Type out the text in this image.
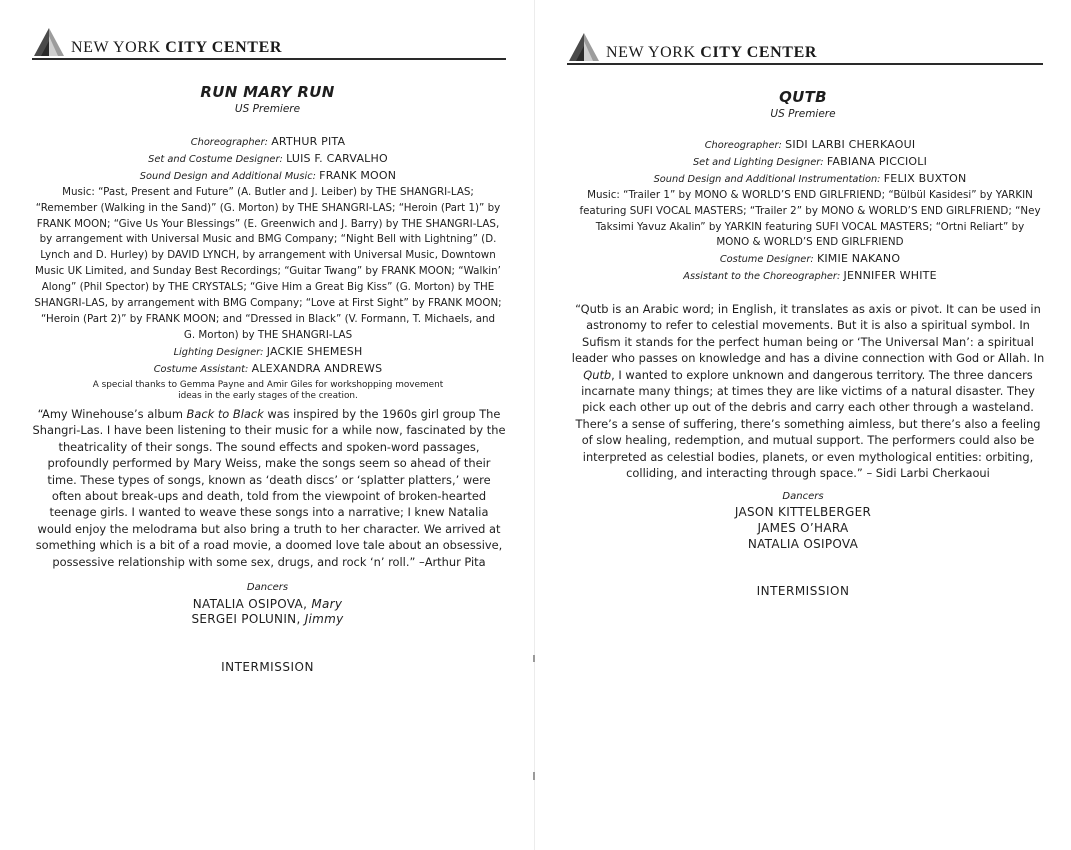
NEW YORK CITY CENTER
RUN MARY RUN
US Premiere

Choreographer: ARTHUR PITA

Set and Costume Designer: LUIS F. CARVALHO

Sound Design and Additional Music: FRANK MOON

Music: “Past, Present and Future” (A. Butler and J. Leiber) by THE SHANGRI-LAS; “Remember (Walking in the Sand)” (G. Morton) by THE SHANGRI-LAS; “Heroin (Part 1)” by FRANK MOON; “Give Us Your Blessings” (E. Greenwich and J. Barry) by THE SHANGRI-LAS, by arrangement with Universal Music and BMG Company; “Night Bell with Lightning” (D. Lynch and D. Hurley) by DAVID LYNCH, by arrangement with Universal Music, Downtown Music UK Limited, and Sunday Best Recordings; “Guitar Twang” by FRANK MOON; “Walkin’ Along” (Phil Spector) by THE CRYSTALS; “Give Him a Great Big Kiss” (G. Morton) by THE SHANGRI-LAS, by arrangement with BMG Company; “Love at First Sight” by FRANK MOON; “Heroin (Part 2)” by FRANK MOON; and “Dressed in Black” (V. Formann, T. Michaels, and G. Morton) by THE SHANGRI-LAS

Lighting Designer: JACKIE SHEMESH

Costume Assistant: ALEXANDRA ANDREWS

A special thanks to Gemma Payne and Amir Giles for workshopping movement ideas in the early stages of the creation.

“Amy Winehouse’s album Back to Black was inspired by the 1960s girl group The Shangri-Las. I have been listening to their music for a while now, fascinated by the theatricality of their songs. The sound effects and spoken-word passages, profoundly performed by Mary Weiss, make the songs seem so ahead of their time. These types of songs, known as ‘death discs’ or ‘splatter platters,’ were often about break-ups and death, told from the viewpoint of broken-hearted teenage girls. I wanted to weave these songs into a narrative; I knew Natalia would enjoy the melodrama but also bring a truth to her character. We arrived at something which is a bit of a road movie, a doomed love tale about an obsessive, possessive relationship with some sex, drugs, and rock ‘n’ roll.” –Arthur Pita
Dancers
NATALIA OSIPOVA, Mary
SERGEI POLUNIN, Jimmy
INTERMISSION
NEW YORK CITY CENTER
QUTB
US Premiere

Choreographer: SIDI LARBI CHERKAOUI

Set and Lighting Designer: FABIANA PICCIOLI

Sound Design and Additional Instrumentation: FELIX BUXTON

Music: “Trailer 1” by MONO & WORLD’S END GIRLFRIEND; “Bülbül Kasidesi” by YARKIN featuring SUFI VOCAL MASTERS; “Trailer 2” by MONO & WORLD’S END GIRLFRIEND; “Ney Taksimi Yavuz Akalin” by YARKIN featuring SUFI VOCAL MASTERS; “Ortni Reliart” by MONO & WORLD’S END GIRLFRIEND

Costume Designer: KIMIE NAKANO

Assistant to the Choreographer: JENNIFER WHITE

“Qutb is an Arabic word; in English, it translates as axis or pivot. It can be used in astronomy to refer to celestial movements. But it is also a spiritual symbol. In Sufism it stands for the perfect human being or ‘The Universal Man’: a spiritual leader who passes on knowledge and has a divine connection with God or Allah. In Qutb, I wanted to explore unknown and dangerous territory. The three dancers incarnate many things; at times they are like victims of a natural disaster. They pick each other up out of the debris and carry each other through a wasteland. There’s a sense of suffering, there’s something aimless, but there’s also a feeling of slow healing, redemption, and mutual support. The performers could also be interpreted as celestial bodies, planets, or even mythological entities: orbiting, colliding, and interacting through space.” – Sidi Larbi Cherkaoui
Dancers
JASON KITTELBERGER
JAMES O’HARA
NATALIA OSIPOVA
INTERMISSION
